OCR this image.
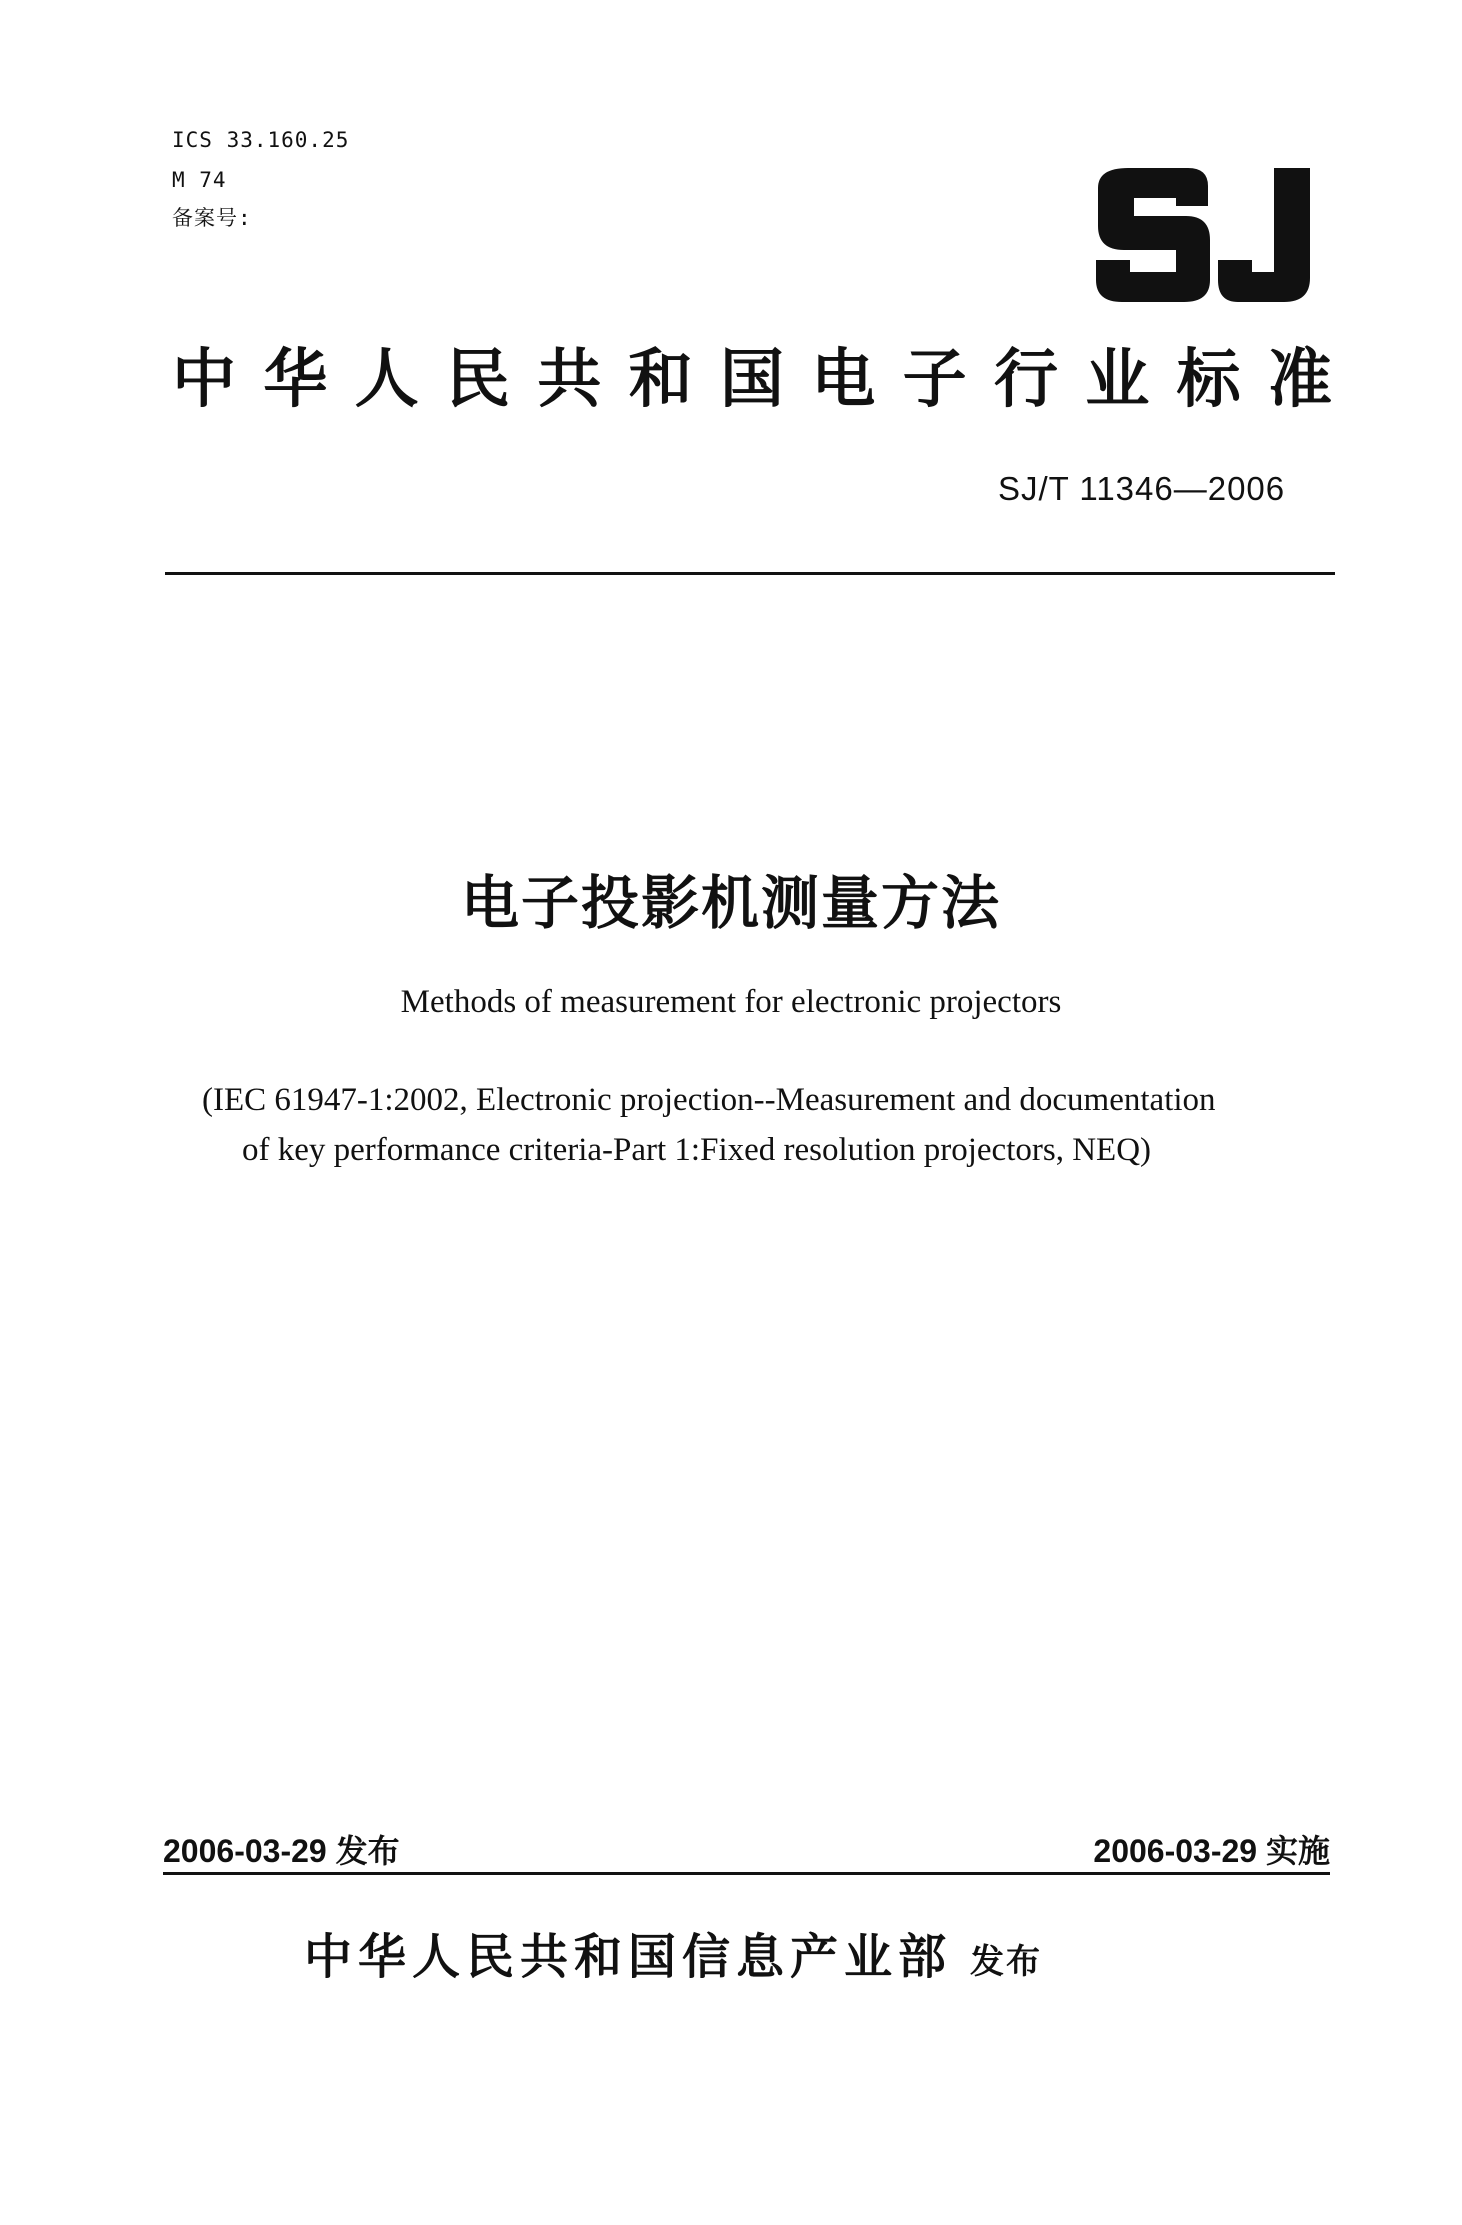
ICS 33.160.25
M 74
备案号:
中 华 人 民 共 和 国 电 子 行 业 标 准
SJ/T 11346—2006
电子投影机测量方法
Methods of measurement for electronic projectors
(IEC 61947-1:2002, Electronic projection--Measurement and documentation
of key performance criteria-Part 1:Fixed resolution projectors, NEQ)
2006-03-29 发布	2006-03-29 实施
中华人民共和国信息产业部 发布
